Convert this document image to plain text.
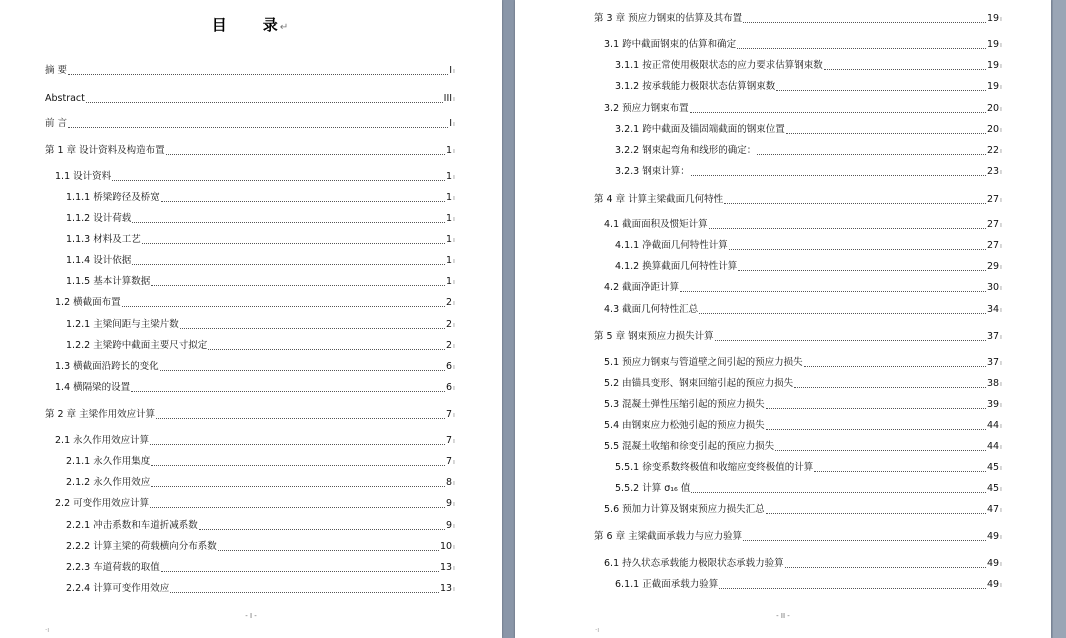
目　　录↵
摘 要	I ı
Abstract	III ı
前 言	I ı
第 1 章 设计资料及构造布置	1 ı
1.1 设计资料	1 ı
1.1.1 桥梁跨径及桥宽	1 ı
1.1.2 设计荷载	1 ı
1.1.3 材料及工艺	1 ı
1.1.4 设计依据	1 ı
1.1.5 基本计算数据	1 ı
1.2 横截面布置	2 ı
1.2.1 主梁间距与主梁片数	2 ı
1.2.2 主梁跨中截面主要尺寸拟定	2 ı
1.3 横截面沿跨长的变化	6 ı
1.4 横隔梁的设置	6 ı
第 2 章 主梁作用效应计算	7 ı
2.1 永久作用效应计算	7 ı
2.1.1 永久作用集度	7 ı
2.1.2 永久作用效应	8 ı
2.2 可变作用效应计算	9 ı
2.2.1 冲击系数和车道折减系数	9 ı
2.2.2 计算主梁的荷载横向分布系数	10 ı
2.2.3 车道荷载的取值	13 ı
2.2.4 计算可变作用效应	13 ı
- I -
·ı
第 3 章 预应力钢束的估算及其布置	19 ı
3.1 跨中截面钢束的估算和确定	19 ı
3.1.1 按正常使用极限状态的应力要求估算钢束数	19 ı
3.1.2 按承载能力极限状态估算钢束数	19 ı
3.2 预应力钢束布置	20 ı
3.2.1 跨中截面及锚固端截面的钢束位置	20 ı
3.2.2 钢束起弯角和线形的确定：	22 ı
3.2.3 钢束计算：	23 ı
第 4 章 计算主梁截面几何特性	27 ı
4.1 截面面积及惯矩计算	27 ı
4.1.1 净截面几何特性计算	27 ı
4.1.2 换算截面几何特性计算	29 ı
4.2 截面净距计算	30 ı
4.3 截面几何特性汇总	34 ı
第 5 章 钢束预应力损失计算	37 ı
5.1 预应力钢束与管道壁之间引起的预应力损失	37 ı
5.2 由锚具变形、钢束回缩引起的预应力损失	38 ı
5.3 混凝土弹性压缩引起的预应力损失	39 ı
5.4 由钢束应力松弛引起的预应力损失	44 ı
5.5 混凝土收缩和徐变引起的预应力损失	44 ı
5.5.1 徐变系数终极值和收缩应变终极值的计算	45 ı
5.5.2 计算 σ₁₆ 值	45 ı
5.6 预加力计算及钢束预应力损失汇总	47 ı
第 6 章 主梁截面承载力与应力验算	49 ı
6.1 持久状态承载能力极限状态承载力验算	49 ı
6.1.1 正截面承载力验算	49 ı
- II -
·ı
